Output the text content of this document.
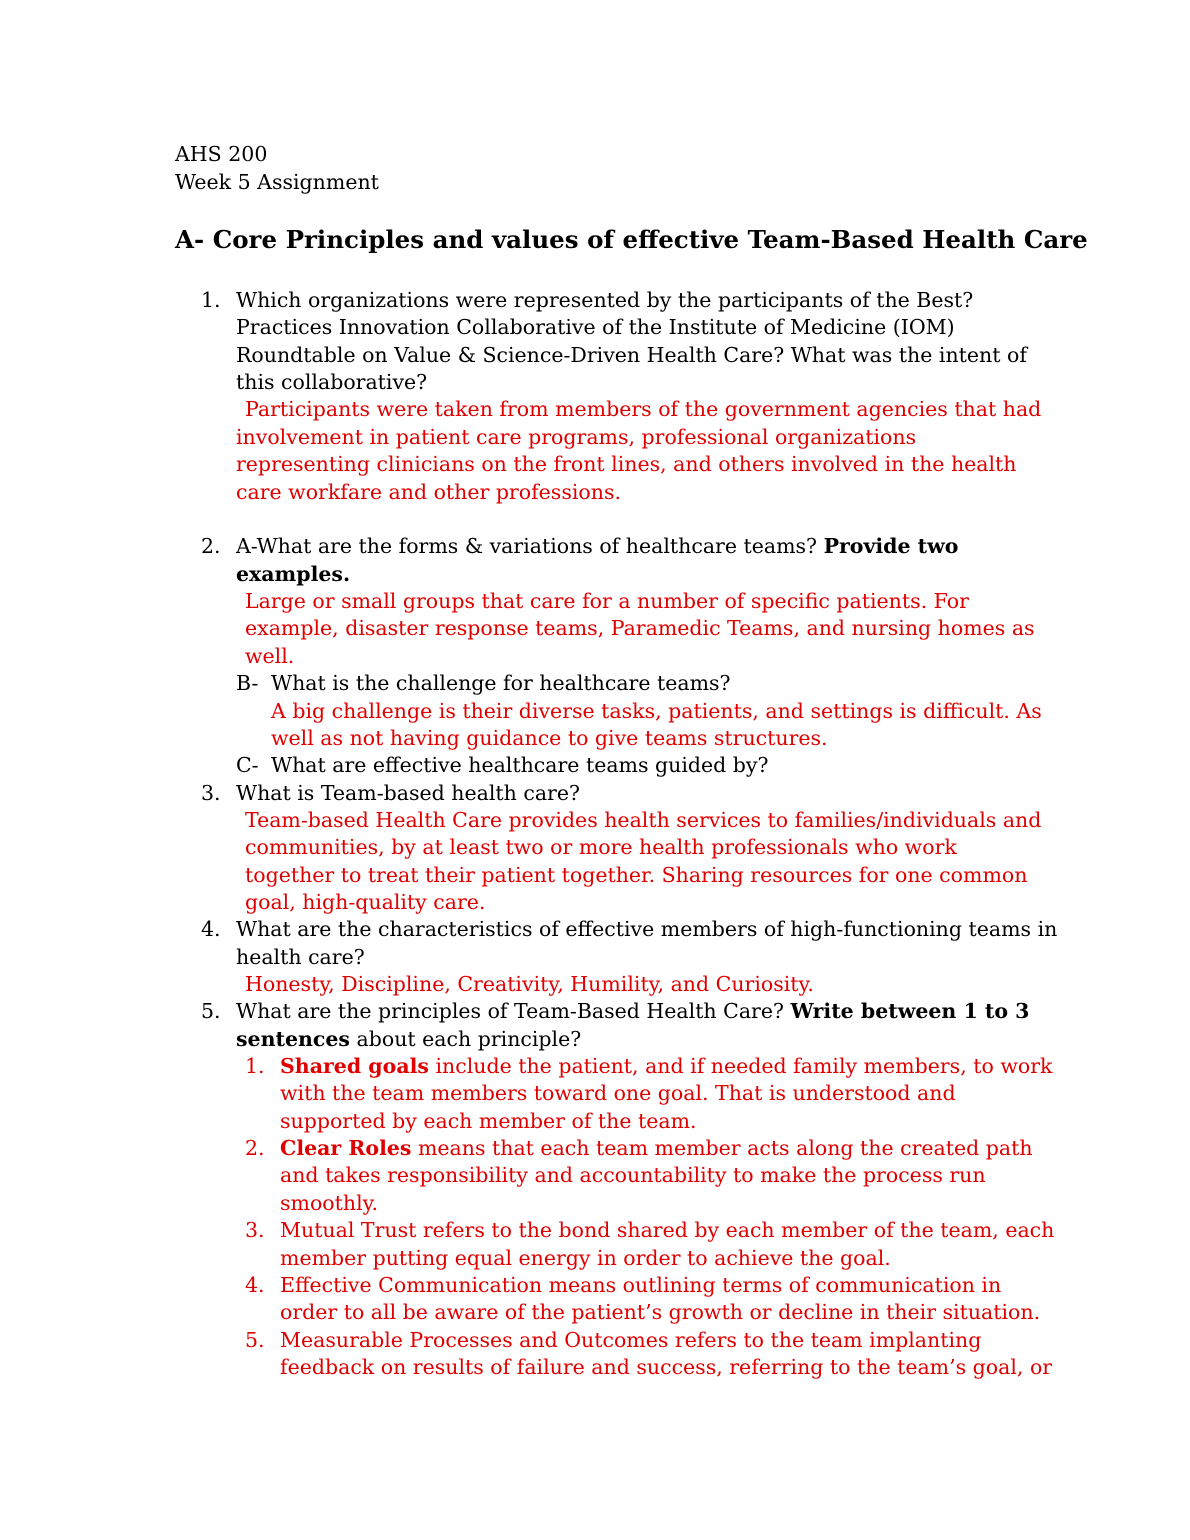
AHS 200
Week 5 Assignment
A- Core Principles and values of effective Team-Based Health Care
1. Which organizations were represented by the participants of the Best?
Practices Innovation Collaborative of the Institute of Medicine (IOM)
Roundtable on Value & Science-Driven Health Care? What was the intent of
this collaborative?
Participants were taken from members of the government agencies that had
involvement in patient care programs, professional organizations
representing clinicians on the front lines, and others involved in the health
care workfare and other professions.
2. A-What are the forms & variations of healthcare teams? Provide two
examples.
Large or small groups that care for a number of specific patients. For
example, disaster response teams, Paramedic Teams, and nursing homes as
well.
B- What is the challenge for healthcare teams?
A big challenge is their diverse tasks, patients, and settings is difficult. As
well as not having guidance to give teams structures.
C- What are effective healthcare teams guided by?
3. What is Team-based health care?
Team-based Health Care provides health services to families/individuals and
communities, by at least two or more health professionals who work
together to treat their patient together. Sharing resources for one common
goal, high-quality care.
4. What are the characteristics of effective members of high-functioning teams in
health care?
Honesty, Discipline, Creativity, Humility, and Curiosity.
5. What are the principles of Team-Based Health Care? Write between 1 to 3
sentences about each principle?
1. Shared goals include the patient, and if needed family members, to work
with the team members toward one goal. That is understood and
supported by each member of the team.
2. Clear Roles means that each team member acts along the created path
and takes responsibility and accountability to make the process run
smoothly.
3. Mutual Trust refers to the bond shared by each member of the team, each
member putting equal energy in order to achieve the goal.
4. Effective Communication means outlining terms of communication in
order to all be aware of the patient’s growth or decline in their situation.
5. Measurable Processes and Outcomes refers to the team implanting
feedback on results of failure and success, referring to the team’s goal, or
